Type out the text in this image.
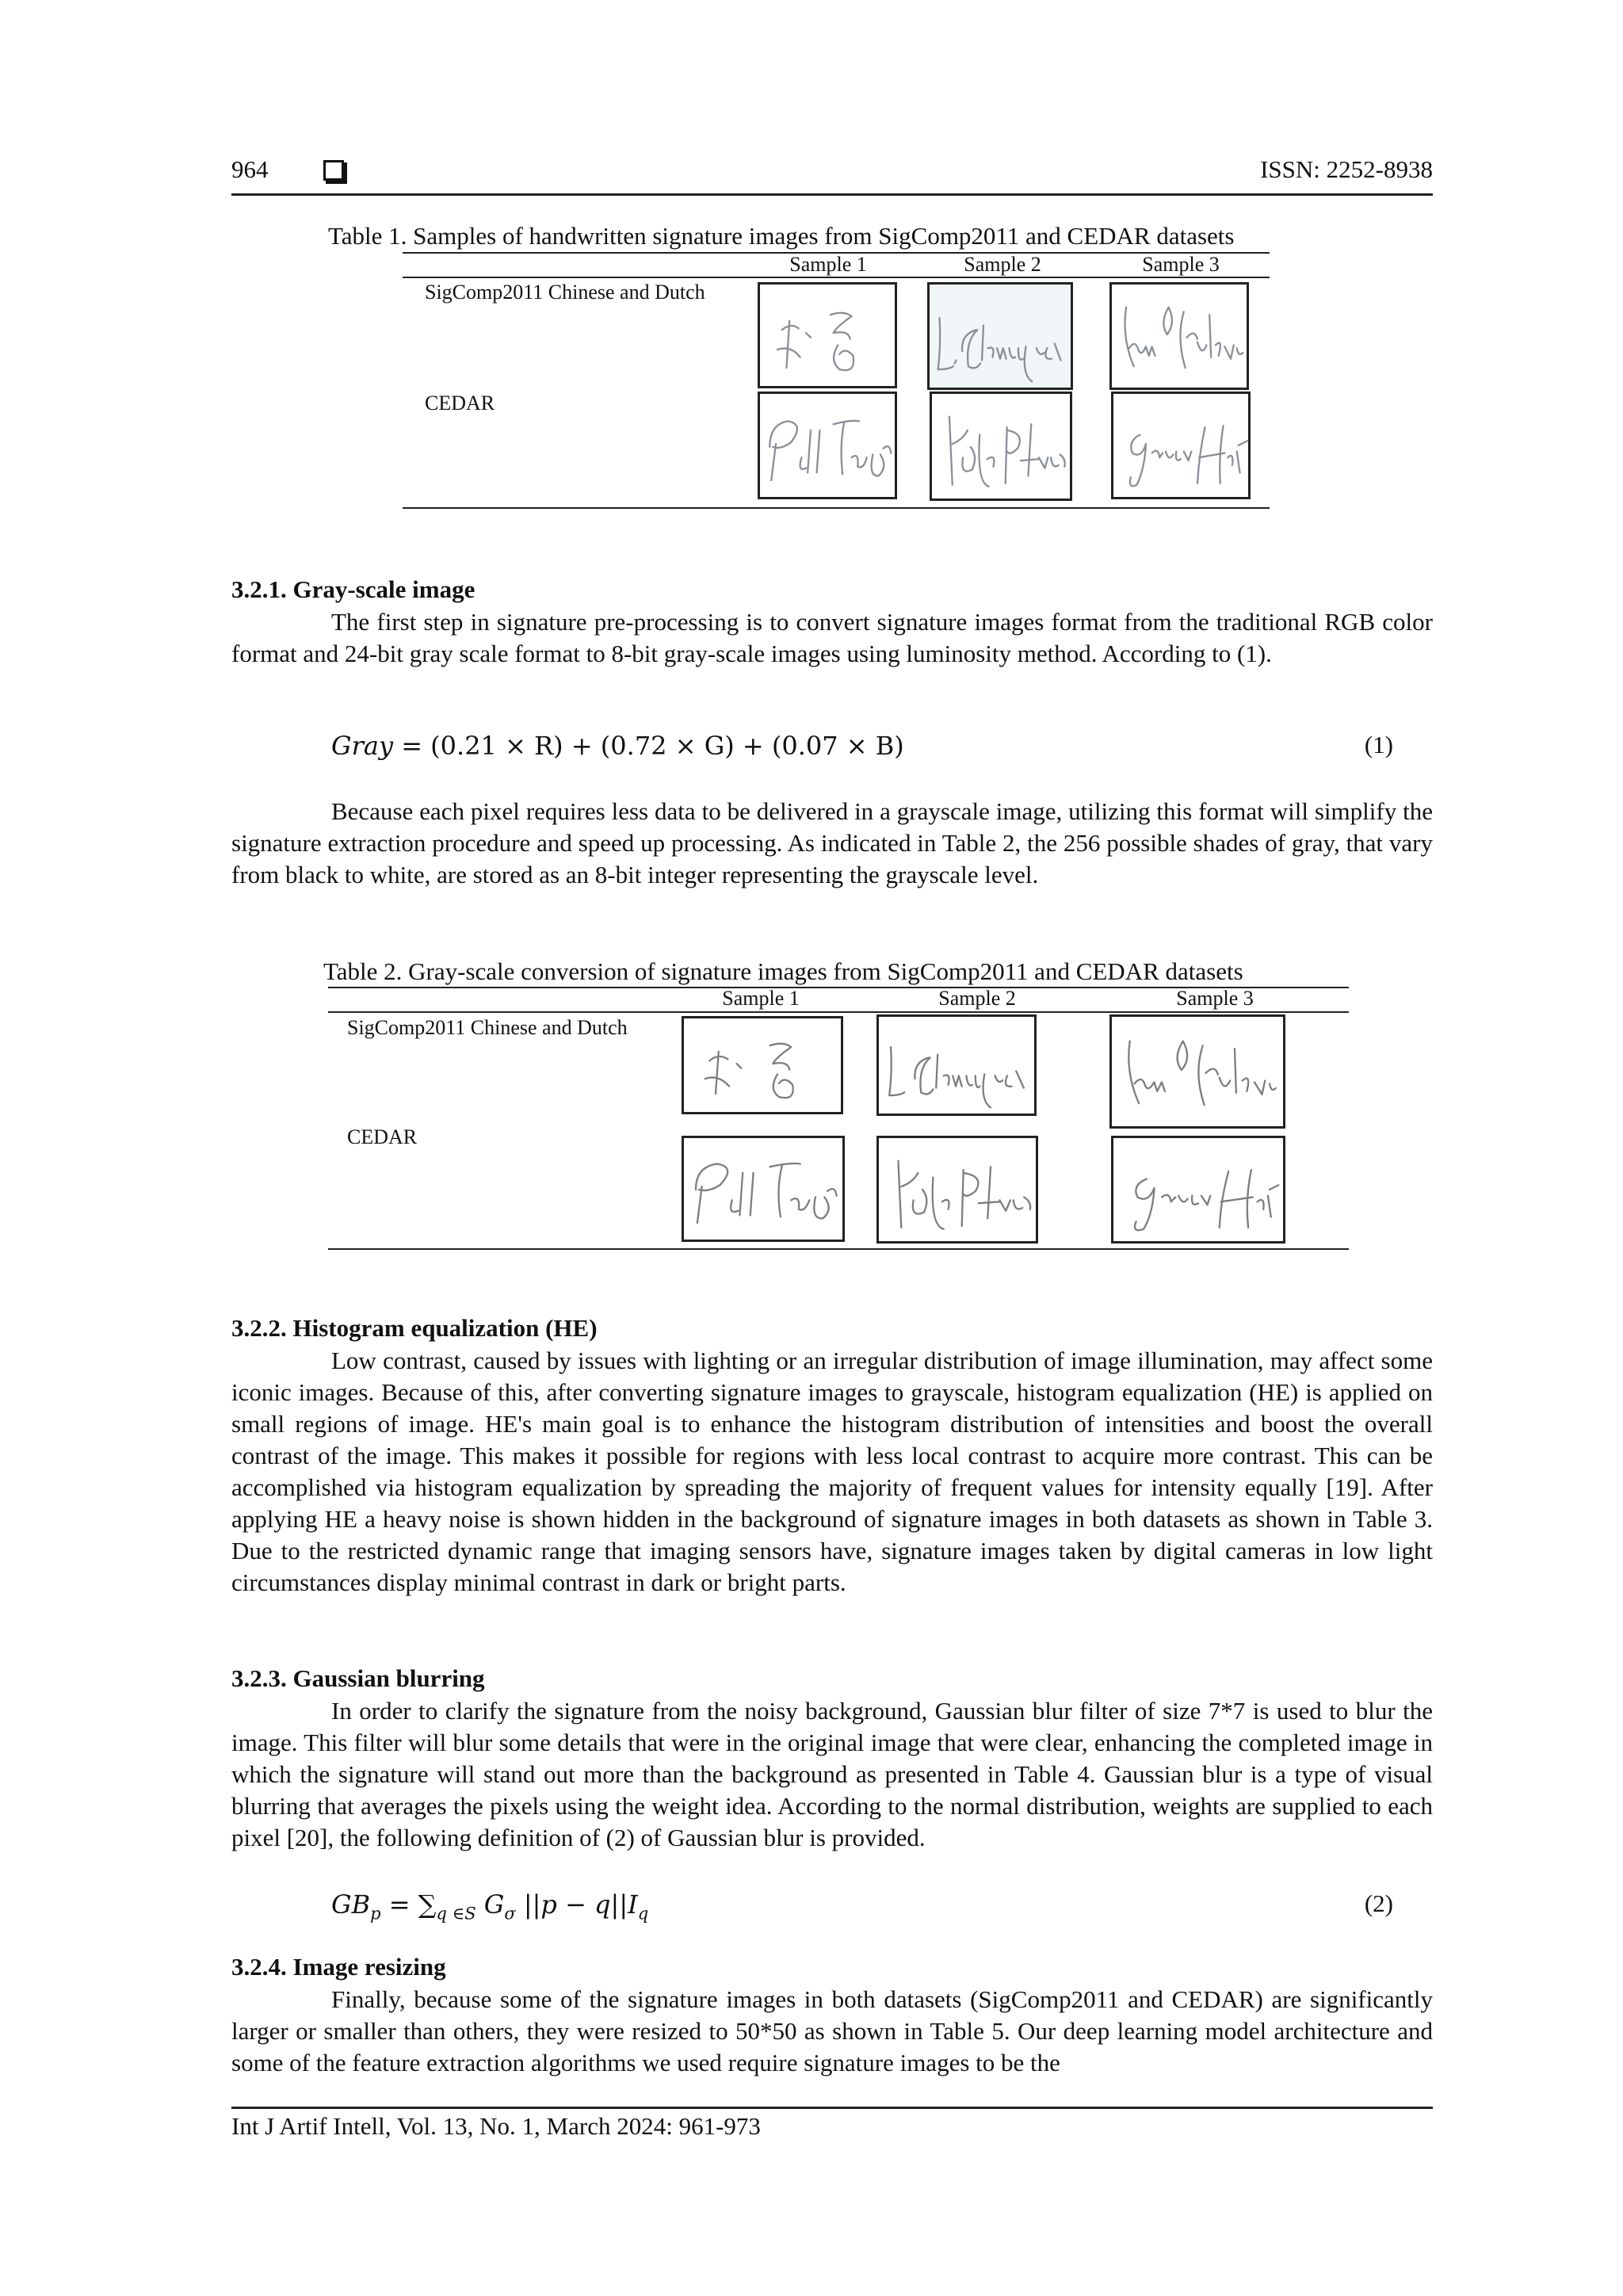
964	ISSN: 2252-8938
Table 1. Samples of handwritten signature images from SigComp2011 and CEDAR datasets
Sample 1	Sample 2	Sample 3
SigComp2011 Chinese and Dutch
CEDAR
3.2.1. Gray-scale image
The first step in signature pre-processing is to convert signature images format from the traditional RGB color format and 24-bit gray scale format to 8-bit gray-scale images using luminosity method. According to (1).
Gray = (0.21 × R) + (0.72 × G) + (0.07 × B)	(1)
Because each pixel requires less data to be delivered in a grayscale image, utilizing this format will simplify the signature extraction procedure and speed up processing. As indicated in Table 2, the 256 possible shades of gray, that vary from black to white, are stored as an 8-bit integer representing the grayscale level.
Table 2. Gray-scale conversion of signature images from SigComp2011 and CEDAR datasets
Sample 1	Sample 2	Sample 3
SigComp2011 Chinese and Dutch
CEDAR
3.2.2. Histogram equalization (HE)
Low contrast, caused by issues with lighting or an irregular distribution of image illumination, may affect some iconic images. Because of this, after converting signature images to grayscale, histogram equalization (HE) is applied on small regions of image. HE's main goal is to enhance the histogram distribution of intensities and boost the overall contrast of the image. This makes it possible for regions with less local contrast to acquire more contrast. This can be accomplished via histogram equalization by spreading the majority of frequent values for intensity equally [19]. After applying HE a heavy noise is shown hidden in the background of signature images in both datasets as shown in Table 3. Due to the restricted dynamic range that imaging sensors have, signature images taken by digital cameras in low light circumstances display minimal contrast in dark or bright parts.
3.2.3. Gaussian blurring
In order to clarify the signature from the noisy background, Gaussian blur filter of size 7*7 is used to blur the image. This filter will blur some details that were in the original image that were clear, enhancing the completed image in which the signature will stand out more than the background as presented in Table 4. Gaussian blur is a type of visual blurring that averages the pixels using the weight idea. According to the normal distribution, weights are supplied to each pixel [20], the following definition of (2) of Gaussian blur is provided.
$GB_p = \sum_{q \in S}$ $G_\sigma$ $||p - q||I_q$	(2)
3.2.4. Image resizing
Finally, because some of the signature images in both datasets (SigComp2011 and CEDAR) are significantly larger or smaller than others, they were resized to 50*50 as shown in Table 5. Our deep learning model architecture and some of the feature extraction algorithms we used require signature images to be the
Int J Artif Intell, Vol. 13, No. 1, March 2024: 961-973
